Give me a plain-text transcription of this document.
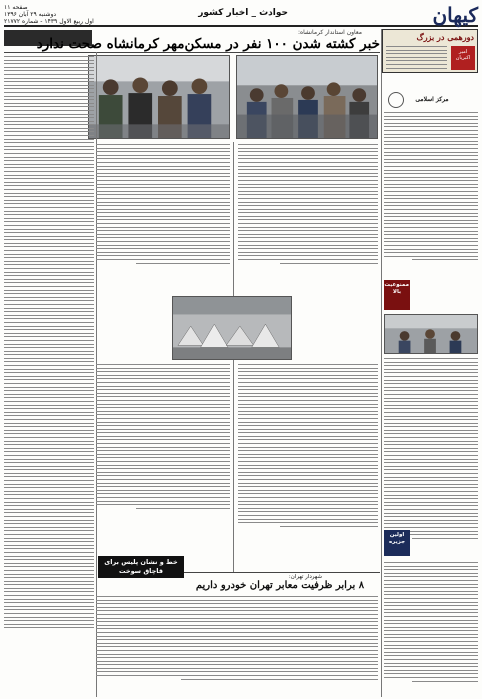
کیهان
حوادث _ اخبار کشور
صفحه ۱۱
دوشنبه ۲۹ آبان ۱۳۹۶
اول ربیع الاول ۱۴۳۹ - شماره ۲۱۷۷۲
معاون استاندار کرمانشاه:
خبر کشته شدن ۱۰۰ نفر در مسکن‌مهر کرمانشاه صحت ندارد
خط و نشان پلیس برای
قاچاق سوخت
شهردار تهران:
۸ برابر ظرفیت معابر تهران خودرو داریم
دورهمی در بزرگ
امیر اکبریان
مرکز اسلامی
ممنوعیت بالا
اولین جزیره
